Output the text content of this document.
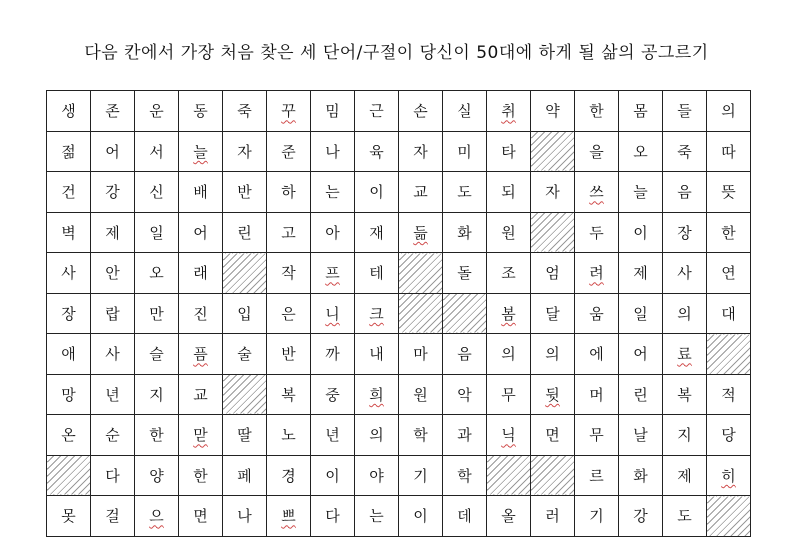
다음 칸에서 가장 처음 찾은 세 단어/구절이 당신이 50대에 하게 될 삶의 공그르기
생	존	운	동	죽	꾸	밈	근	손	실	취	약	한	몸	들	의
젊	어	서	늘	자	준	나	육	자	미	타		을	오	죽	따
건	강	신	배	반	하	는	이	교	도	되	자	쓰	늘	음	뜻
벽	제	일	어	린	고	아	재	듦	화	원		두	이	장	한
사	안	오	래		작	프	테		돌	조	엄	려	제	사	연
장	랍	만	진	입	은	니	크			봄	달	움	일	의	대
애	사	슬	픔	술	반	까	내	마	음	의	의	에	어	료	
망	년	지	교		복	중	희	원	악	무	뒷	머	린	복	적
온	순	한	맏	딸	노	년	의	학	과	닉	면	무	날	지	당
	다	양	한	페	경	이	야	기	학			르	화	제	히
못	걸	으	면	나	쁘	다	는	이	데	올	러	기	강	도	
